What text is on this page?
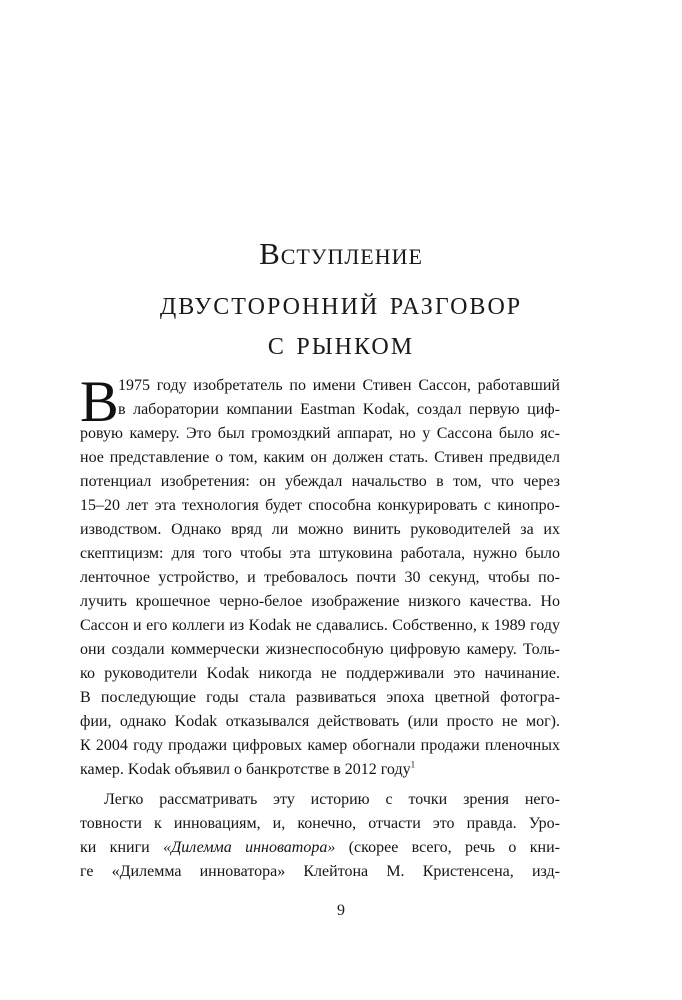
Вступление
двусторонний разговор
с рынком
В 1975 году изобретатель по имени Стивен Сассон, работавший
в лаборатории компании Eastman Kodak, создал первую циф-
ровую камеру. Это был громоздкий аппарат, но у Сассона было яс-
ное представление о том, каким он должен стать. Стивен предвидел
потенциал изобретения: он убеждал начальство в том, что через
15–20 лет эта технология будет способна конкурировать с кинопро-
изводством. Однако вряд ли можно винить руководителей за их
скептицизм: для того чтобы эта штуковина работала, нужно было
ленточное устройство, и требовалось почти 30 секунд, чтобы по-
лучить крошечное черно-белое изображение низкого качества. Но
Сассон и его коллеги из Kodak не сдавались. Собственно, к 1989 году
они создали коммерчески жизнеспособную цифровую камеру. Толь-
ко руководители Kodak никогда не поддерживали это начинание.
В последующие годы стала развиваться эпоха цветной фотогра-
фии, однако Kodak отказывался действовать (или просто не мог).
К 2004 году продажи цифровых камер обогнали продажи пленочных
камер. Kodak объявил о банкротстве в 2012 году$^1$
Легко рассматривать эту историю с точки зрения него-
товности к инновациям, и, конечно, отчасти это правда. Уро-
ки книги «Дилемма инноватора» (скорее всего, речь о кни-
ге «Дилемма инноватора» Клейтона М. Кристенсена, изд-
9
